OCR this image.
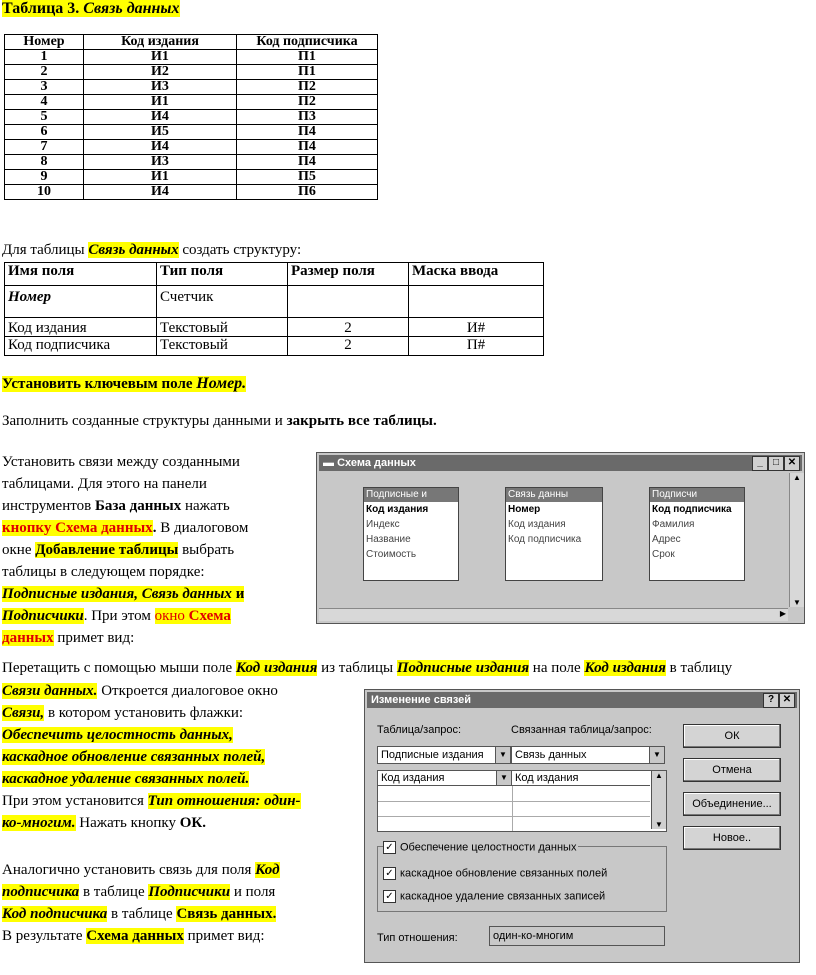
Таблица 3. Связь данных
Номер	Код издания	Код подписчика
1	И1	П1
2	И2	П1
3	И3	П2
4	И1	П2
5	И4	П3
6	И5	П4
7	И4	П4
8	И3	П4
9	И1	П5
10	И4	П6
Для таблицы Связь данных создать структуру:
Имя поля	Тип поля	Размер поля	Маска ввода
Номер	Счетчик		
Код издания	Текстовый	2	И#
Код подписчика	Текстовый	2	П#
Установить ключевым поле Номер.
Заполнить созданные структуры данными и закрыть все таблицы.
Установить связи между созданными
таблицами. Для этого на панели
инструментов База данных нажать
кнопку Схема данных. В диалоговом
окне Добавление таблицы выбрать
таблицы в следующем порядке:
Подписные издания, Связь данных и
Подписчики. При этом окно Схема
данных примет вид:
▬ Схема данных	_	□ ✕
Подписные и
Код издания
Индекс
Название
Стоимость
Связь данны
Номер
Код издания
Код подписчика
Подписчи
Код подписчика
Фамилия
Адрес
Срок
▲
▼
▶
Перетащить с помощью мыши поле Код издания из таблицы Подписные издания на поле Код издания в таблицу
Связи данных. Откроется диалоговое окно
Связи, в котором установить флажки:
Обеспечить целостность данных,
каскадное обновление связанных полей,
каскадное удаление связанных полей.
При этом установится Тип отношения: один-
ко-многим. Нажать кнопку ОК.
Аналогично установить связь для поля Код
подписчика в таблице Подписчики и поля
Код подписчика в таблице Связь данных.
В результате Схема данных примет вид:
Изменение связей	? ✕
Таблица/запрос:	Связанная таблица/запрос:
Подписные издания	▼ Связь данных	▼
Код издания	▼ Код издания	▲
▼
ОК
Отмена
Объединение...
Новое..
✓ Обеспечение целостности данных
✓ каскадное обновление связанных полей
✓ каскадное удаление связанных записей
Тип отношения:	один-ко-многим
